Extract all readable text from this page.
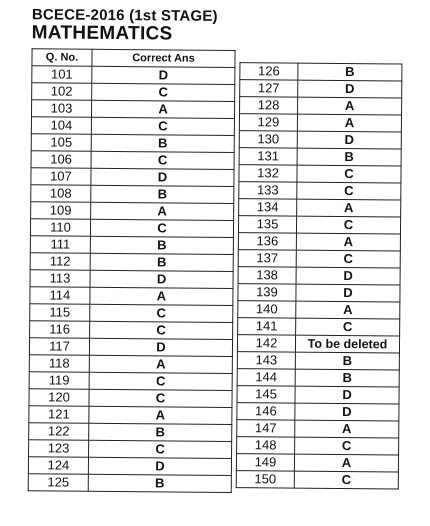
BCECE-2016 (1st STAGE)
MATHEMATICS
Q. No.	Correct Ans
101	D
102	C
103	A
104	C
105	B
106	C
107	D
108	B
109	A
110	C
111	B
112	B
113	D
114	A
115	C
116	C
117	D
118	A
119	C
120	C
121	A
122	B
123	C
124	D
125	B
126	B
127	D
128	A
129	A
130	D
131	B
132	C
133	C
134	A
135	C
136	A
137	C
138	D
139	D
140	A
141	C
142	To be deleted
143	B
144	B
145	D
146	D
147	A
148	C
149	A
150	C
